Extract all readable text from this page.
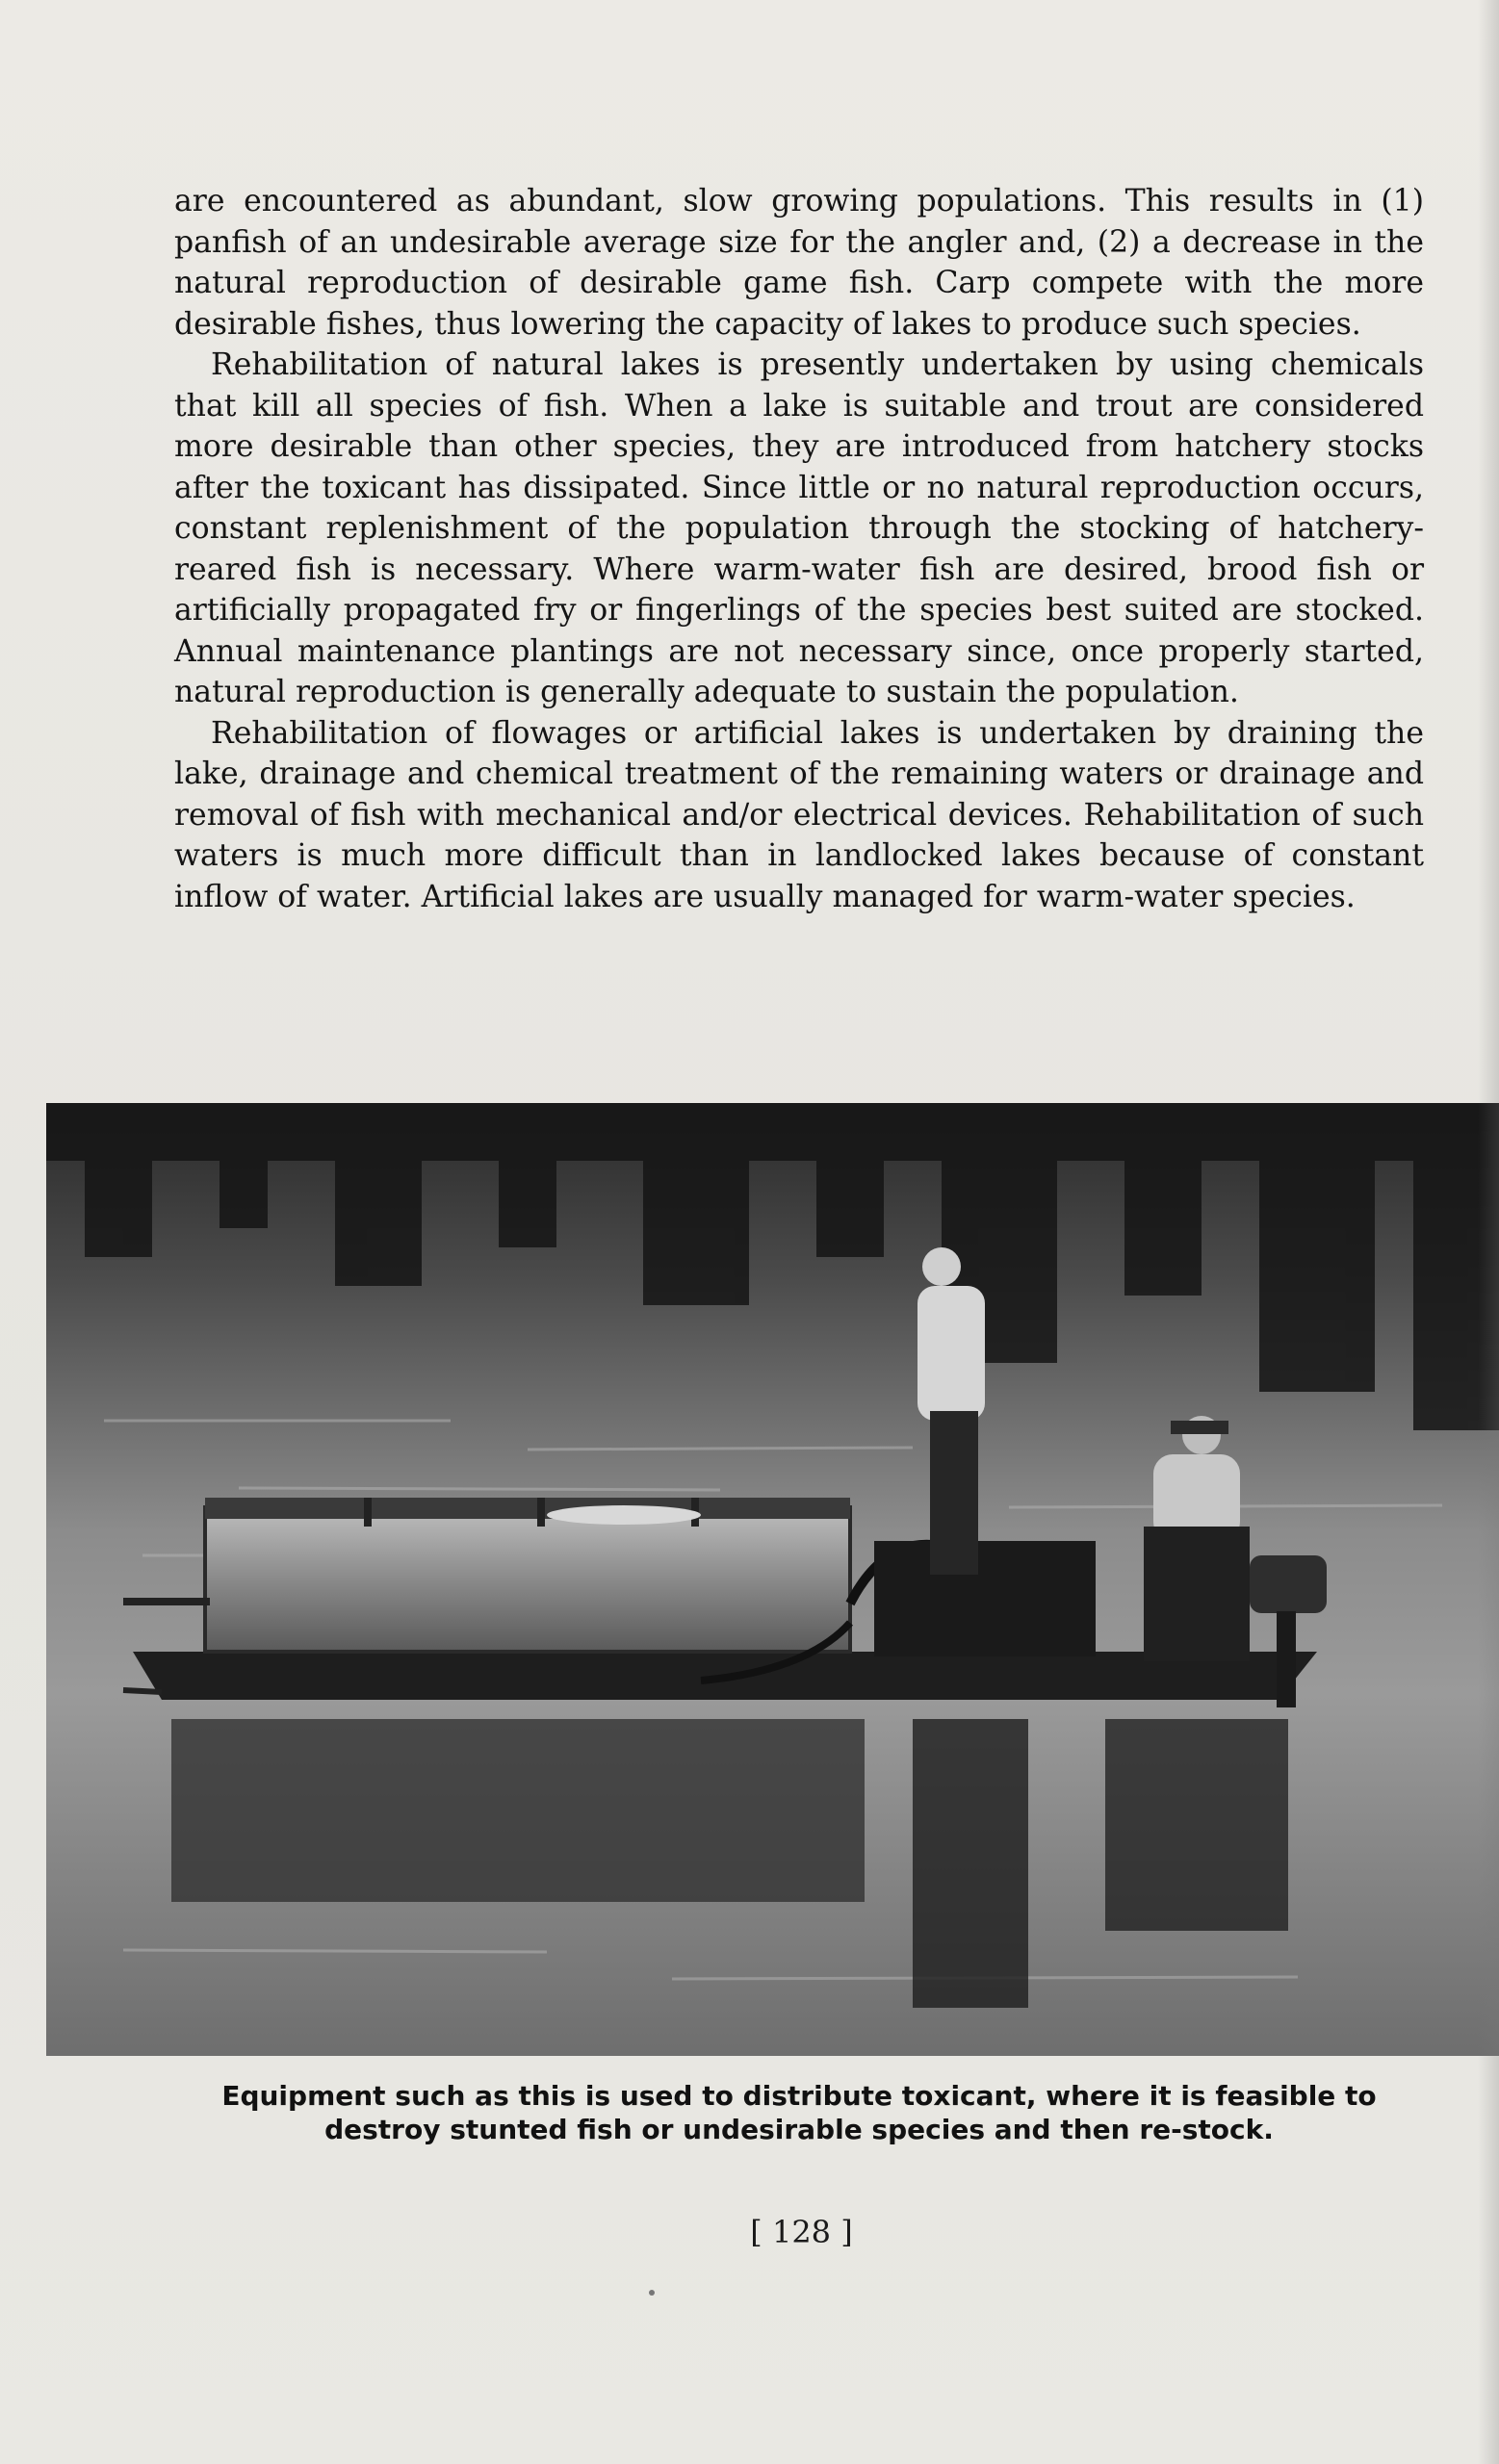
are encountered as abundant, slow growing populations. This results in (1) panfish of an undesirable average size for the angler and, (2) a decrease in the natural reproduction of desirable game fish. Carp compete with the more desirable fishes, thus lowering the capacity of lakes to produce such species.

Rehabilitation of natural lakes is presently undertaken by using chemicals that kill all species of fish. When a lake is suitable and trout are considered more desirable than other species, they are introduced from hatchery stocks after the toxicant has dissipated. Since little or no natural reproduction occurs, constant replenishment of the population through the stocking of hatchery-reared fish is necessary. Where warm-water fish are desired, brood fish or artificially propagated fry or fingerlings of the species best suited are stocked. Annual maintenance plantings are not necessary since, once properly started, natural reproduction is generally adequate to sustain the population.

Rehabilitation of flowages or artificial lakes is undertaken by draining the lake, drainage and chemical treatment of the remaining waters or drainage and removal of fish with mechanical and/or electrical devices. Rehabilitation of such waters is much more difficult than in landlocked lakes because of constant inflow of water. Artificial lakes are usually managed for warm-water species.

Equipment such as this is used to distribute toxicant, where it is feasible to destroy stunted fish or undesirable species and then re-stock.
[ 128 ]
